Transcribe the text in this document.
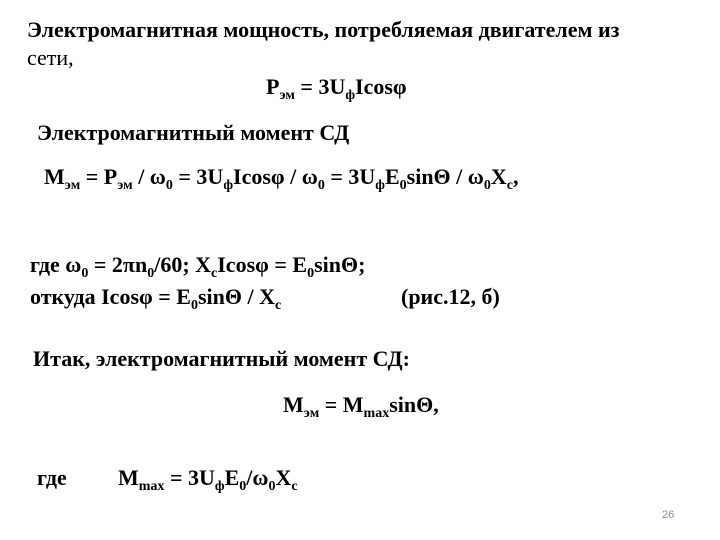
Электромагнитная мощность, потребляемая двигателем из
сети,
$P_{эм} = 3U_фIcos\varphi$
Электромагнитный момент СД
$M_{эм} = P_{эм} / \omega_0 = 3U_фIcos\varphi / \omega_0 = 3U_фE_0\sin\Theta / \omega_0X_с$,
где $\omega_0 = 2\pi n_0/60$; $X_cIcos\varphi = E_0\sin\Theta$;
откуда $Icos\varphi = E_0\sin\Theta / X_c$	(рис.12, б)
Итак, электромагнитный момент СД:
$M_{эм} = M_{max}\sin\Theta$,
где $M_{max} = 3U_фE_0/\omega_0X_c$
26
